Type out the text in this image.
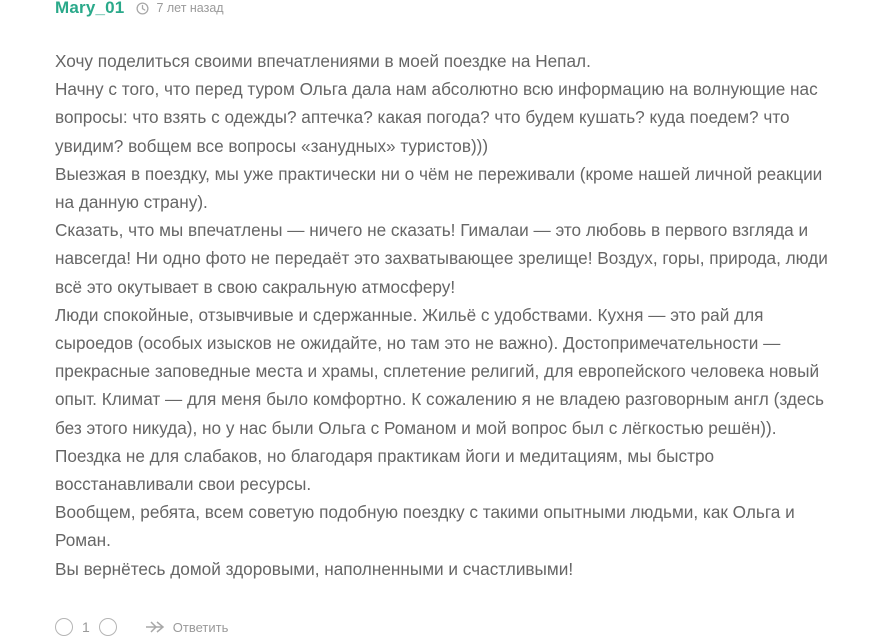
Mary_01	7 лет назад

Хочу поделиться своими впечатлениями в моей поездке на Непал.

Начну с того, что перед туром Ольга дала нам абсолютно всю информацию на волнующие нас вопросы: что взять с одежды? аптечка? какая погода? что будем кушать? куда поедем? что увидим? вобщем все вопросы «занудных» туристов)))

Выезжая в поездку, мы уже практически ни о чём не переживали (кроме нашей личной реакции на данную страну).

Сказать, что мы впечатлены — ничего не сказать! Гималаи — это любовь в первого взгляда и навсегда! Ни одно фото не передаёт это захватывающее зрелище! Воздух, горы, природа, люди всё это окутывает в свою сакральную атмосферу!

Люди спокойные, отзывчивые и сдержанные. Жильё с удобствами. Кухня — это рай для сыроедов (особых изысков не ожидайте, но там это не важно). Достопримечательности — прекрасные заповедные места и храмы, сплетение религий, для европейского человека новый опыт. Климат — для меня было комфортно. К сожалению я не владею разговорным англ (здесь без этого никуда), но у нас были Ольга с Романом и мой вопрос был с лёгкостью решён)).

Поездка не для слабаков, но благодаря практикам йоги и медитациям, мы быстро восстанавливали свои ресурсы.

Вообщем, ребята, всем советую подобную поездку с такими опытными людьми, как Ольга и Роман.

Вы вернётесь домой здоровыми, наполненными и счастливыми!

1	Ответить
